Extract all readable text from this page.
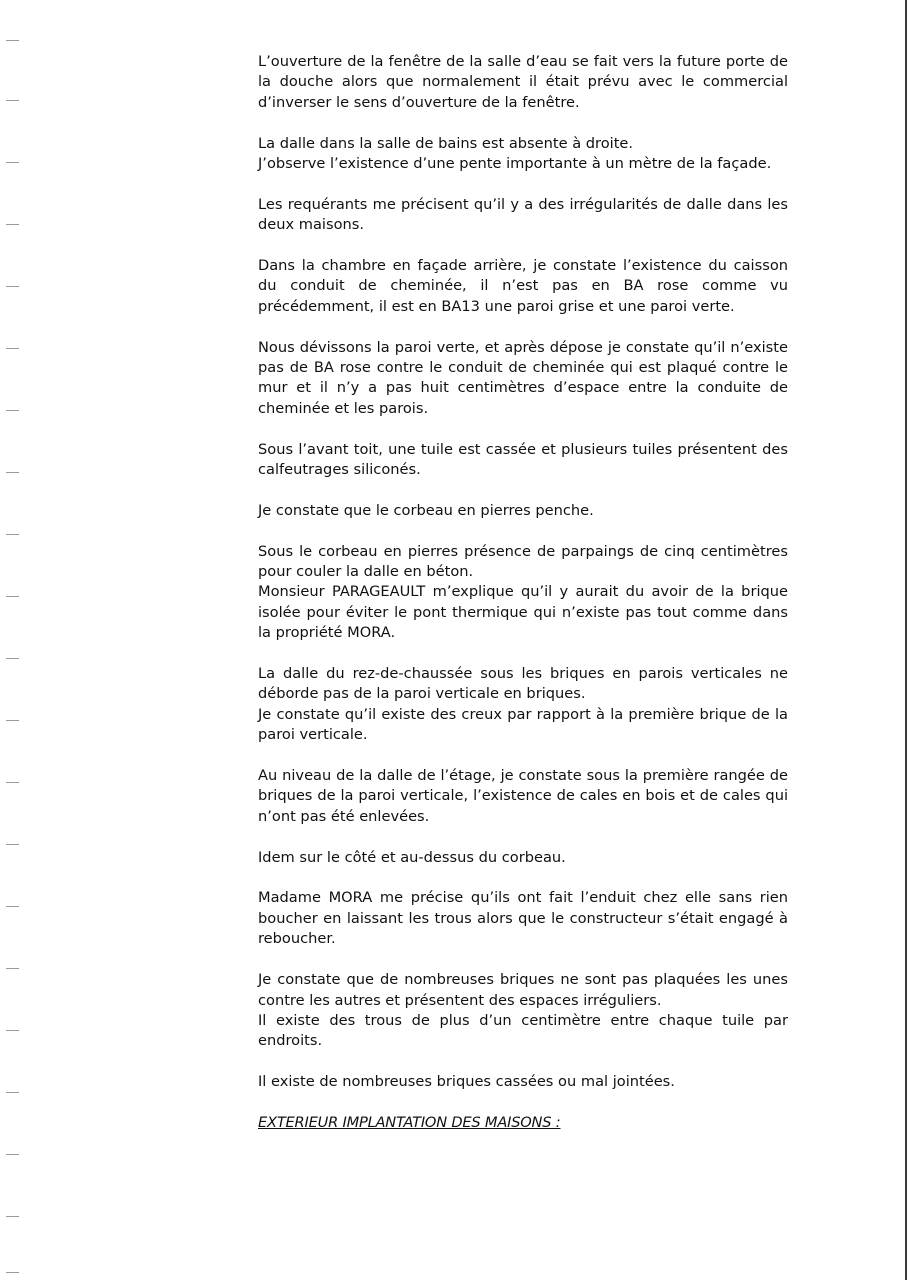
L’ouverture de la fenêtre de la salle d’eau se fait vers la future porte de la douche alors que normalement il était prévu avec le commercial d’inverser le sens d’ouverture de la fenêtre.

La dalle dans la salle de bains est absente à droite.
J’observe l’existence d’une pente importante à un mètre de la façade.

Les requérants me précisent qu’il y a des irrégularités de dalle dans les deux maisons.

Dans la chambre en façade arrière, je constate l’existence du caisson du conduit de cheminée, il n’est pas en BA rose comme vu précédemment, il est en BA13 une paroi grise et une paroi verte.

Nous dévissons la paroi verte, et après dépose je constate qu’il n’existe pas de BA rose contre le conduit de cheminée qui est plaqué contre le mur et il n’y a pas huit centimètres d’espace entre la conduite de cheminée et les parois.

Sous l’avant toit, une tuile est cassée et plusieurs tuiles présentent des calfeutrages siliconés.

Je constate que le corbeau en pierres penche.

Sous le corbeau en pierres présence de parpaings de cinq centimètres pour couler la dalle en béton.
Monsieur PARAGEAULT m’explique qu’il y aurait du avoir de la brique isolée pour éviter le pont thermique qui n’existe pas tout comme dans la propriété MORA.

La dalle du rez-de-chaussée sous les briques en parois verticales ne déborde pas de la paroi verticale en briques.
Je constate qu’il existe des creux par rapport à la première brique de la paroi verticale.

Au niveau de la dalle de l’étage, je constate sous la première rangée de briques de la paroi verticale, l’existence de cales en bois et de cales qui n’ont pas été enlevées.

Idem sur le côté et au-dessus du corbeau.

Madame MORA me précise qu’ils ont fait l’enduit chez elle sans rien boucher en laissant les trous alors que le constructeur s’était engagé à reboucher.

Je constate que de nombreuses briques ne sont pas plaquées les unes contre les autres et présentent des espaces irréguliers.
Il existe des trous de plus d’un centimètre entre chaque tuile par endroits.

Il existe de nombreuses briques cassées ou mal jointées.

EXTERIEUR IMPLANTATION DES MAISONS :
